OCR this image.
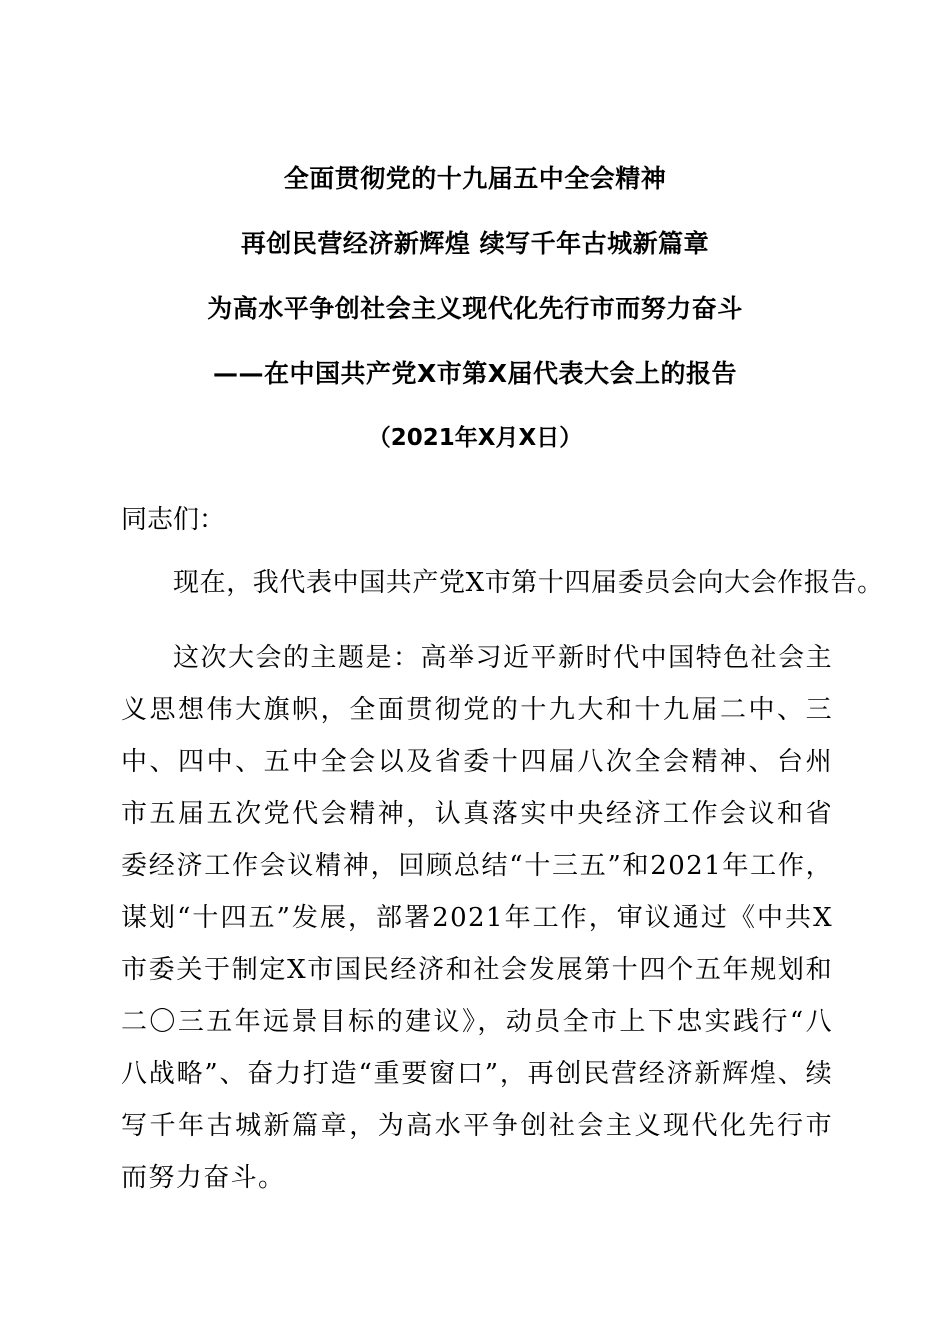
全面贯彻党的十九届五中全会精神
再创民营经济新辉煌 续写千年古城新篇章
为高水平争创社会主义现代化先行市而努力奋斗
——在中国共产党X市第X届代表大会上的报告
（2021年X月X日）
同志们：
现在，我代表中国共产党X市第十四届委员会向大会作报告。
这次大会的主题是：高举习近平新时代中国特色社会主义思想伟大旗帜，全面贯彻党的十九大和十九届二中、三中、四中、五中全会以及省委十四届八次全会精神、台州市五届五次党代会精神，认真落实中央经济工作会议和省委经济工作会议精神，回顾总结“十三五”和2021年工作，谋划“十四五”发展，部署2021年工作，审议通过《中共X市委关于制定X市国民经济和社会发展第十四个五年规划和二〇三五年远景目标的建议》，动员全市上下忠实践行“八八战略”、奋力打造“重要窗口”，再创民营经济新辉煌、续写千年古城新篇章，为高水平争创社会主义现代化先行市而努力奋斗。
